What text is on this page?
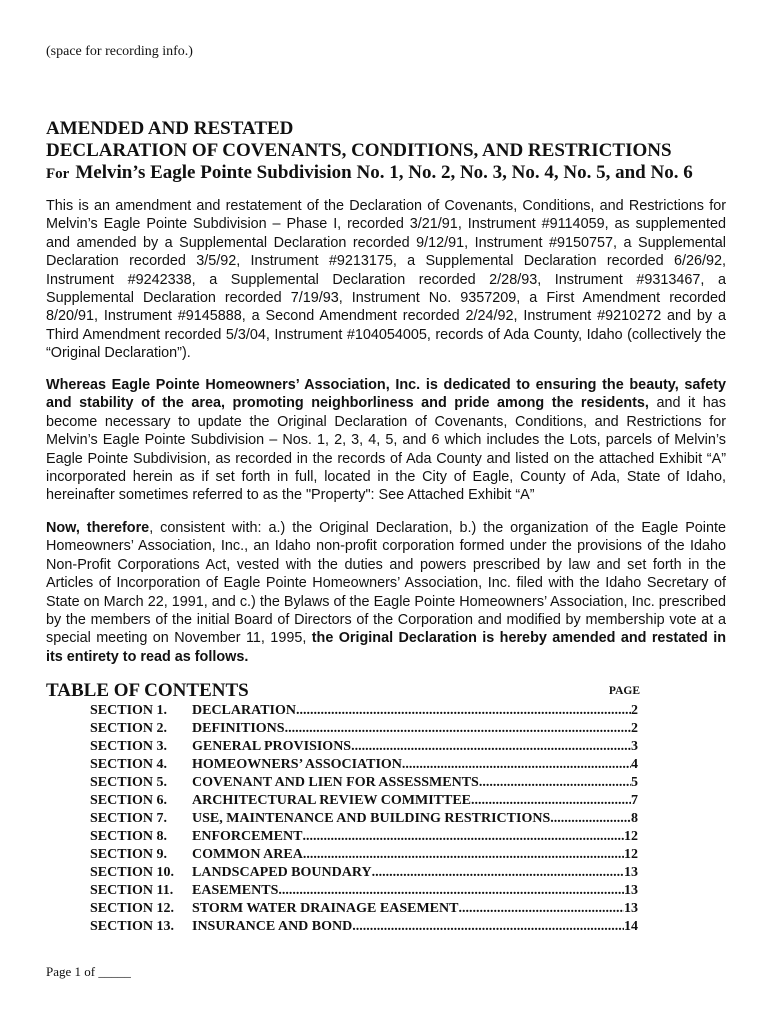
(space for recording info.)
AMENDED AND RESTATED
DECLARATION OF COVENANTS, CONDITIONS, AND RESTRICTIONS
For Melvin’s Eagle Pointe Subdivision No. 1, No. 2, No. 3, No. 4, No. 5, and No. 6
This is an amendment and restatement of the Declaration of Covenants, Conditions, and Restrictions for Melvin’s Eagle Pointe Subdivision – Phase I, recorded 3/21/91, Instrument #9114059, as supplemented and amended by a Supplemental Declaration recorded 9/12/91, Instrument #9150757, a Supplemental Declaration recorded 3/5/92, Instrument #9213175, a Supplemental Declaration recorded 6/26/92, Instrument #9242338, a Supplemental Declaration recorded 2/28/93, Instrument #9313467, a Supplemental Declaration recorded 7/19/93, Instrument No. 9357209, a First Amendment recorded 8/20/91, Instrument #9145888, a Second Amendment recorded 2/24/92, Instrument #9210272 and by a Third Amendment recorded 5/3/04, Instrument #104054005, records of Ada County, Idaho (collectively the “Original Declaration”).
Whereas Eagle Pointe Homeowners’ Association, Inc. is dedicated to ensuring the beauty, safety and stability of the area, promoting neighborliness and pride among the residents, and it has become necessary to update the Original Declaration of Covenants, Conditions, and Restrictions for Melvin’s Eagle Pointe Subdivision – Nos. 1, 2, 3, 4, 5, and 6 which includes the Lots, parcels of Melvin’s Eagle Pointe Subdivision, as recorded in the records of Ada County and listed on the attached Exhibit “A” incorporated herein as if set forth in full, located in the City of Eagle, County of Ada, State of Idaho, hereinafter sometimes referred to as the "Property": See Attached Exhibit “A”
Now, therefore, consistent with: a.) the Original Declaration, b.) the organization of the Eagle Pointe Homeowners’ Association, Inc., an Idaho non-profit corporation formed under the provisions of the Idaho Non-Profit Corporations Act, vested with the duties and powers prescribed by law and set forth in the Articles of Incorporation of Eagle Pointe Homeowners’ Association, Inc. filed with the Idaho Secretary of State on March 22, 1991, and c.) the Bylaws of the Eagle Pointe Homeowners’ Association, Inc. prescribed by the members of the initial Board of Directors of the Corporation and modified by membership vote at a special meeting on November 11, 1995, the Original Declaration is hereby amended and restated in its entirety to read as follows.
TABLE OF CONTENTS	PAGE
SECTION 1.	DECLARATION .....	2
SECTION 2.	DEFINITIONS .....	2
SECTION 3.	GENERAL PROVISIONS .....	3
SECTION 4.	HOMEOWNERS’ ASSOCIATION .....	4
SECTION 5.	COVENANT AND LIEN FOR ASSESSMENTS .....	5
SECTION 6.	ARCHITECTURAL REVIEW COMMITTEE .....	7
SECTION 7.	USE, MAINTENANCE AND BUILDING RESTRICTIONS .....	8
SECTION 8.	ENFORCEMENT .....	12
SECTION 9.	COMMON AREA .....	12
SECTION 10.	LANDSCAPED BOUNDARY .....	13
SECTION 11.	EASEMENTS .....	13
SECTION 12.	STORM WATER DRAINAGE EASEMENT .....	13
SECTION 13.	INSURANCE AND BOND .....	14
Page 1 of _____
